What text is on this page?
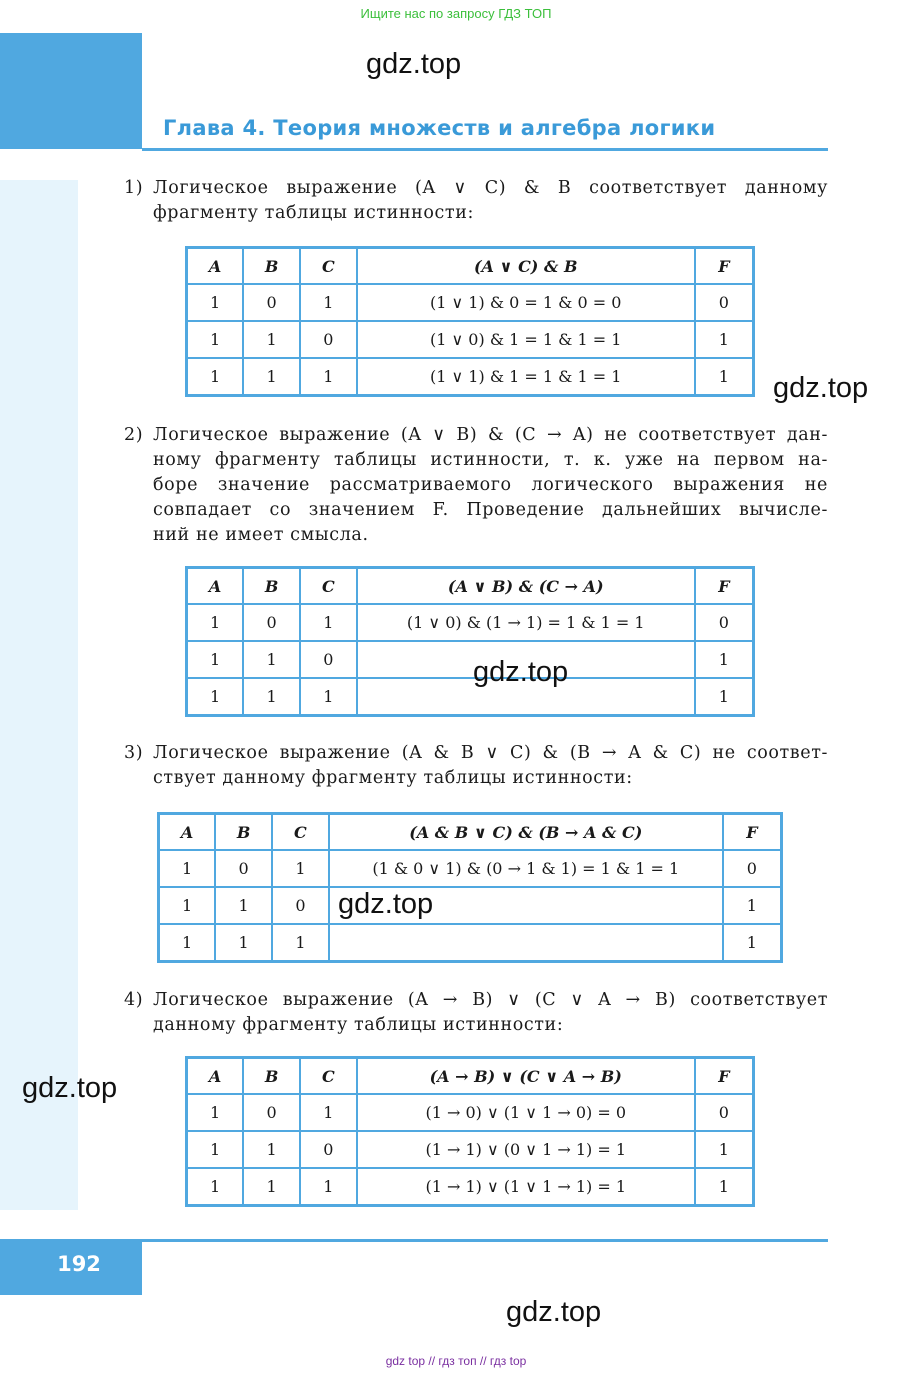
Ищите нас по запросу ГДЗ ТОП
gdz.top
Глава 4. Теория множеств и алгебра логики
1) Логическое выражение (A ∨ C) & B соответствует данному
фрагменту таблицы истинности:
A	B	C	(A ∨ C) & B	F
1	0	1	(1 ∨ 1) & 0 = 1 & 0 = 0	0
1	1	0	(1 ∨ 0) & 1 = 1 & 1 = 1	1
1	1	1	(1 ∨ 1) & 1 = 1 & 1 = 1	1 gdz.top
2) Логическое выражение (A ∨ B) & (C → A) не соответствует дан-
ному фрагменту таблицы истинности, т. к. уже на первом на-
боре значение рассматриваемого логического выражения не
совпадает со значением F. Проведение дальнейших вычисле-
ний не имеет смысла.
A	B	C	(A ∨ B) & (C → A)	F
1	0	1	(1 ∨ 0) & (1 → 1) = 1 & 1 = 1	0
1	1	0		1
1	1	1		1
gdz.top
3) Логическое выражение (A & B ∨ C) & (B → A & C) не соответ-
ствует данному фрагменту таблицы истинности:
A	B	C	(A & B ∨ C) & (B → A & C)	F
1	0	1	(1 & 0 ∨ 1) & (0 → 1 & 1) = 1 & 1 = 1	0
1	1	0		1
1	1	1		1
gdz.top
4) Логическое выражение (A → B) ∨ (C ∨ A → B) соответствует
данному фрагменту таблицы истинности:
A	B	C	(A → B) ∨ (C ∨ A → B)	F
1	0	1	(1 → 0) ∨ (1 ∨ 1 → 0) = 0	0
1	1	0	(1 → 1) ∨ (0 ∨ 1 → 1) = 1	1
1	1	1	(1 → 1) ∨ (1 ∨ 1 → 1) = 1	1
gdz.top
192
gdz.top
gdz top // гдз топ // гдз top
